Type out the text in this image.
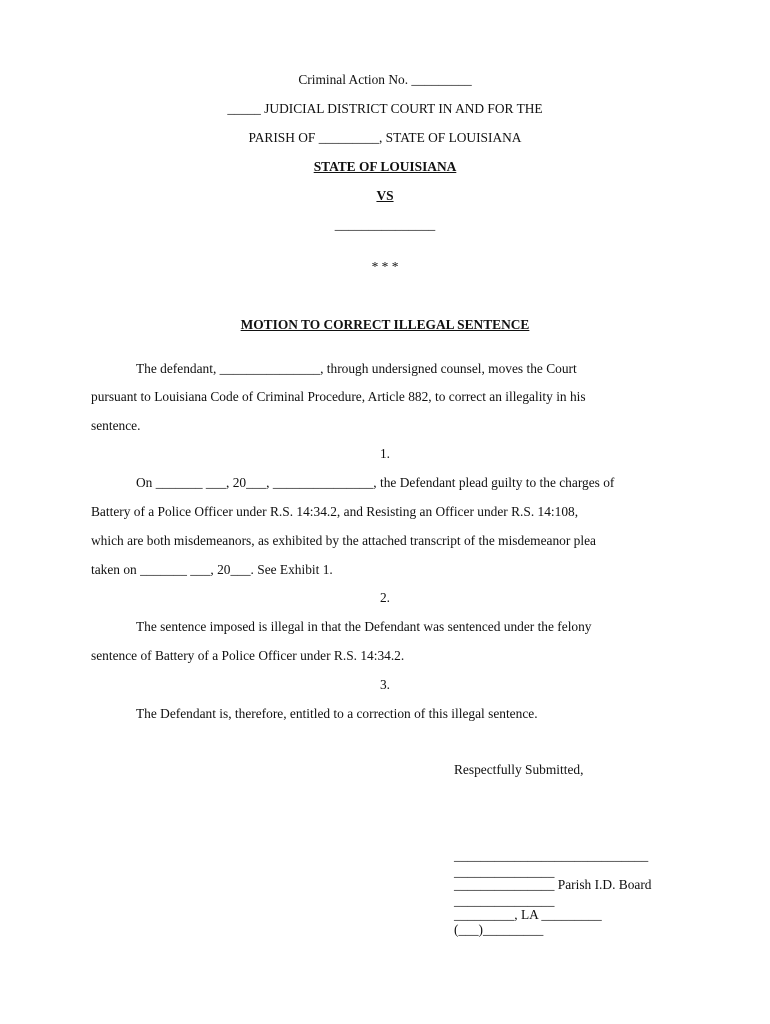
Criminal Action No. _________
_____ JUDICIAL DISTRICT COURT IN AND FOR THE
PARISH OF _________, STATE OF LOUISIANA
STATE OF LOUISIANA
VS
_______________
* * *
MOTION TO CORRECT ILLEGAL SENTENCE
The defendant, _______________, through undersigned counsel, moves the Court
pursuant to Louisiana Code of Criminal Procedure, Article 882, to correct an illegality in his
sentence.
1.
On _______ ___, 20___, _______________, the Defendant plead guilty to the charges of
Battery of a Police Officer under R.S. 14:34.2, and Resisting an Officer under R.S. 14:108,
which are both misdemeanors, as exhibited by the attached transcript of the misdemeanor plea
taken on _______ ___, 20___. See Exhibit 1.
2.
The sentence imposed is illegal in that the Defendant was sentenced under the felony
sentence of Battery of a Police Officer under R.S. 14:34.2.
3.
The Defendant is, therefore, entitled to a correction of this illegal sentence.
Respectfully Submitted,
_____________________________
_______________
_______________ Parish I.D. Board
_______________
_________, LA _________
(___)_________
